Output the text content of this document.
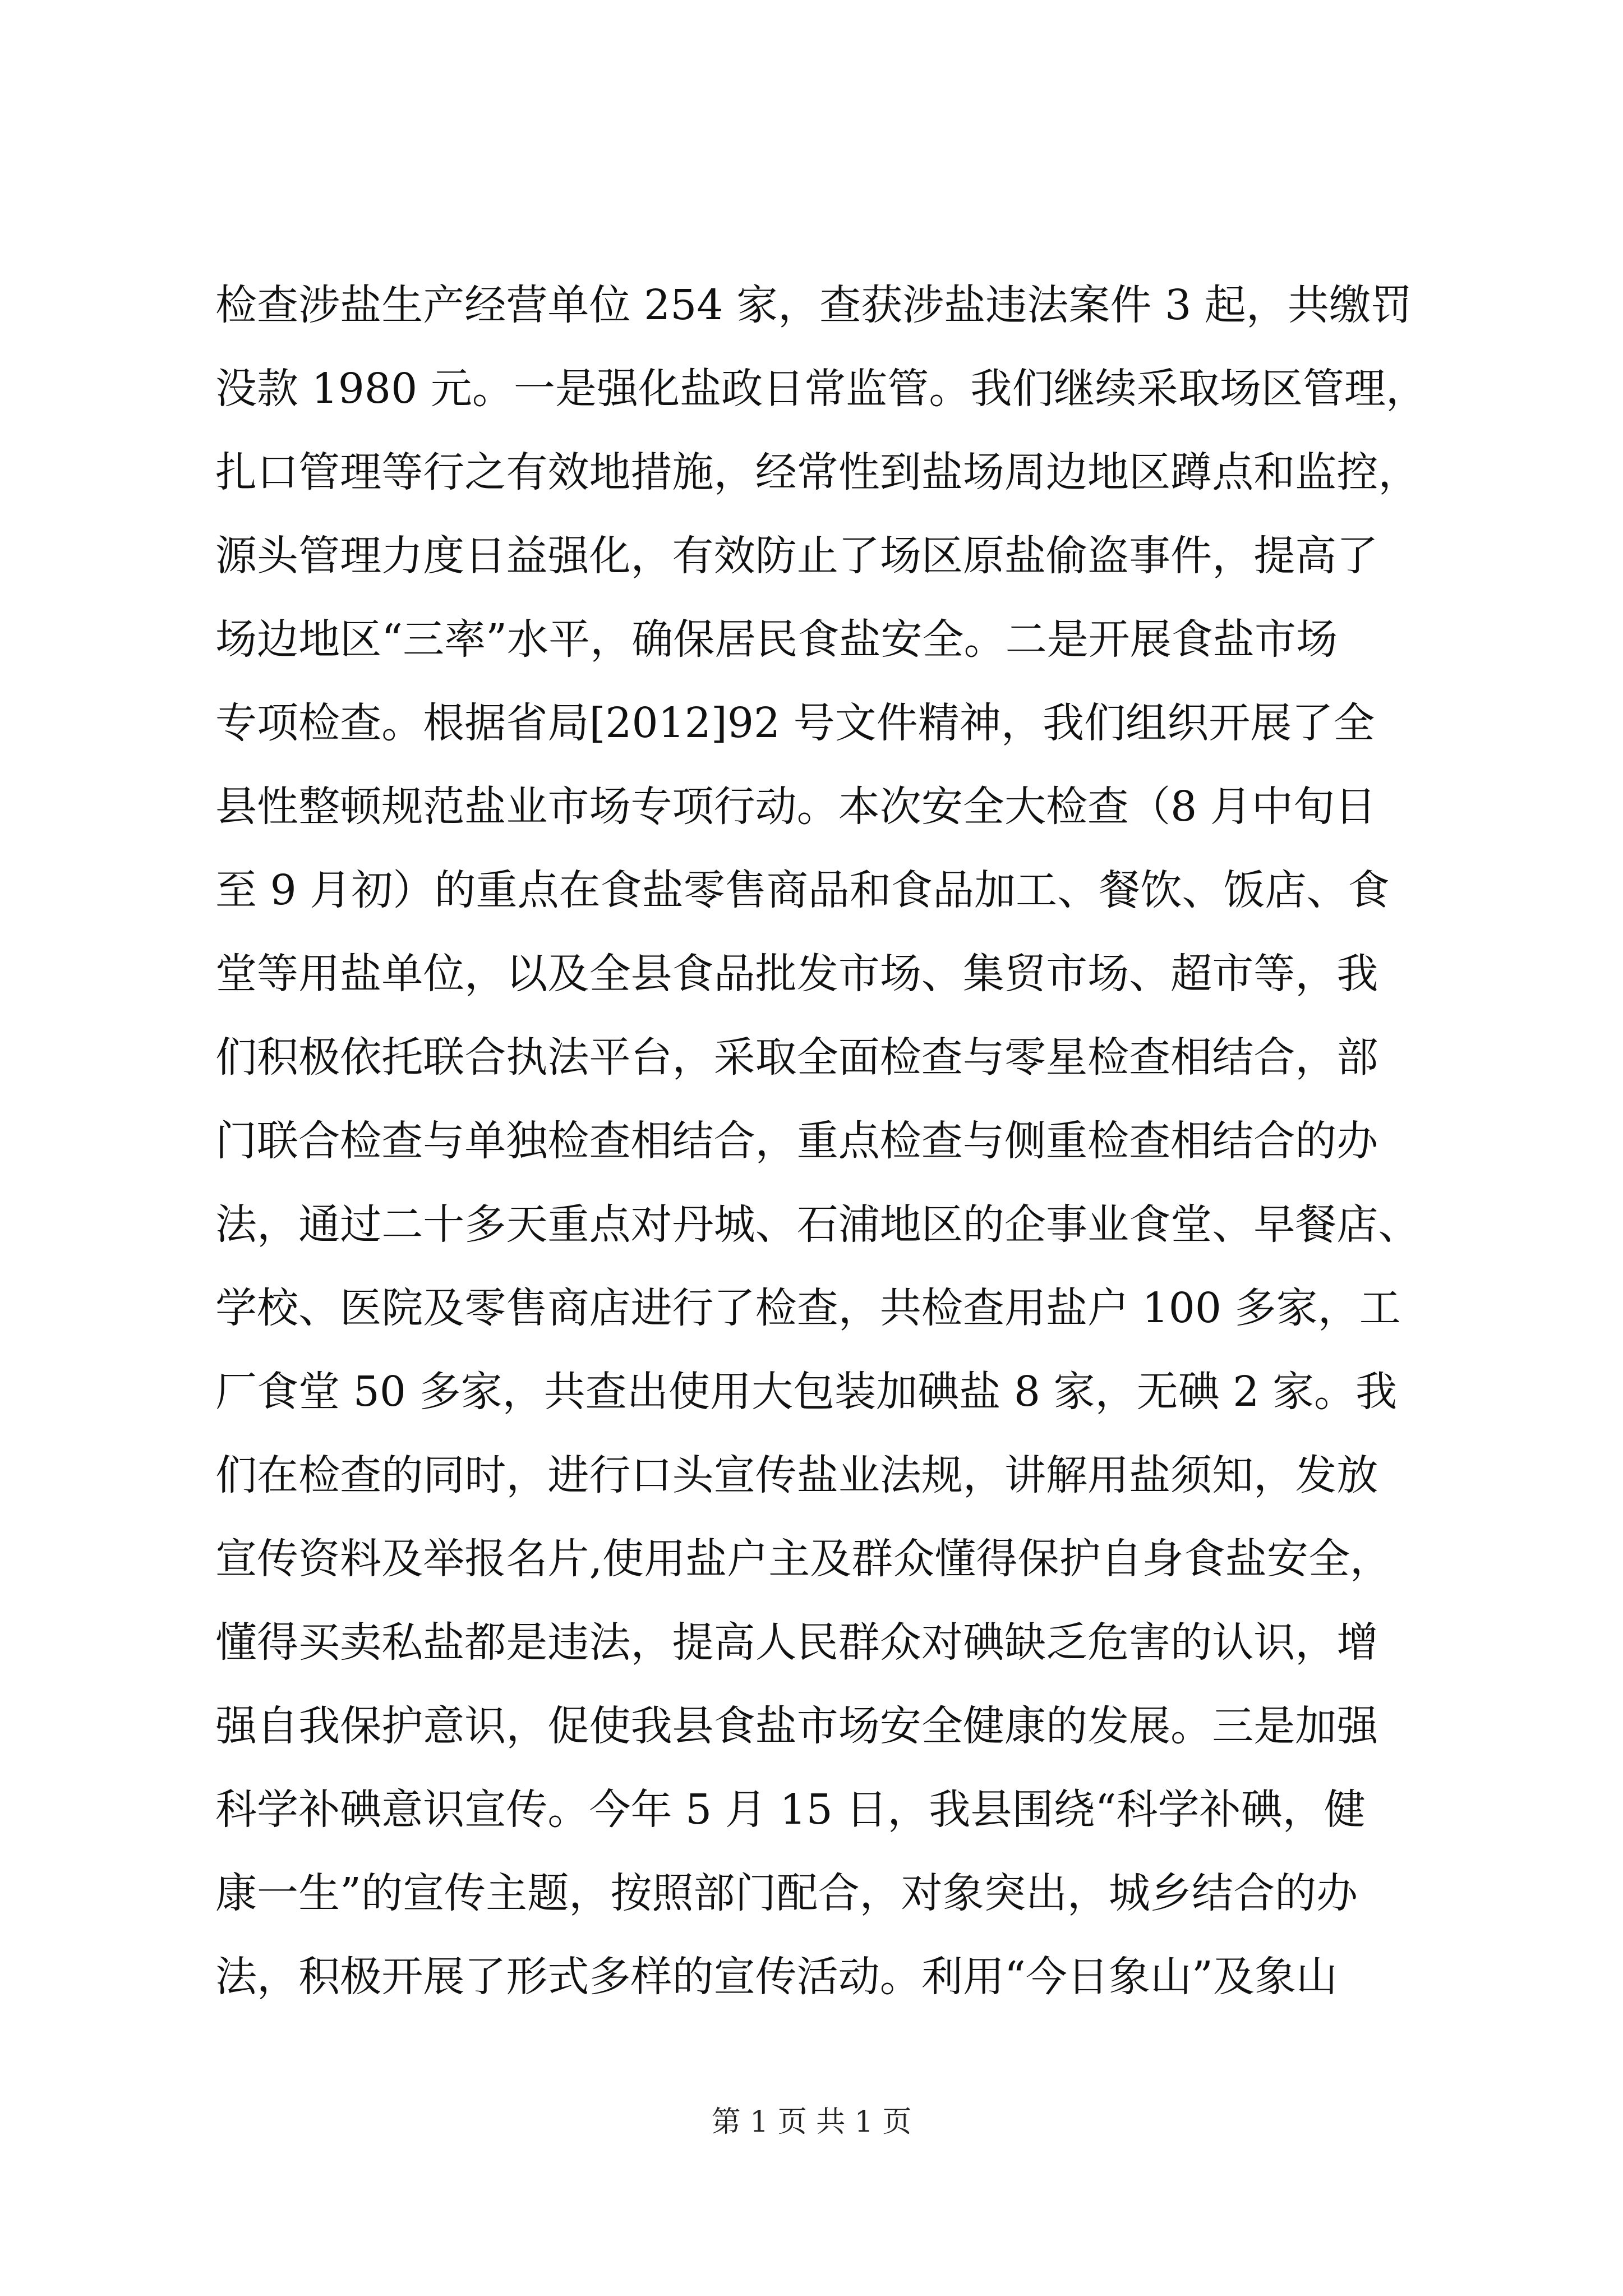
检查涉盐生产经营单位 254 家，查获涉盐违法案件 3 起，共缴罚
没款 1980 元。一是强化盐政日常监管。我们继续采取场区管理，
扎口管理等行之有效地措施，经常性到盐场周边地区蹲点和监控，
源头管理力度日益强化，有效防止了场区原盐偷盗事件，提高了
场边地区“三率”水平，确保居民食盐安全。二是开展食盐市场
专项检查。根据省局[2012]92 号文件精神，我们组织开展了全
县性整顿规范盐业市场专项行动。本次安全大检查（8 月中旬日
至 9 月初）的重点在食盐零售商品和食品加工、餐饮、饭店、食
堂等用盐单位，以及全县食品批发市场、集贸市场、超市等，我
们积极依托联合执法平台，采取全面检查与零星检查相结合，部
门联合检查与单独检查相结合，重点检查与侧重检查相结合的办
法，通过二十多天重点对丹城、石浦地区的企事业食堂、早餐店、
学校、医院及零售商店进行了检查，共检查用盐户 100 多家，工
厂食堂 50 多家，共查出使用大包装加碘盐 8 家，无碘 2 家。我
们在检查的同时，进行口头宣传盐业法规，讲解用盐须知，发放
宣传资料及举报名片,使用盐户主及群众懂得保护自身食盐安全，
懂得买卖私盐都是违法，提高人民群众对碘缺乏危害的认识，增
强自我保护意识，促使我县食盐市场安全健康的发展。三是加强
科学补碘意识宣传。今年 5 月 15 日，我县围绕“科学补碘，健
康一生”的宣传主题，按照部门配合，对象突出，城乡结合的办
法，积极开展了形式多样的宣传活动。利用“今日象山”及象山
第 1 页 共 1 页
